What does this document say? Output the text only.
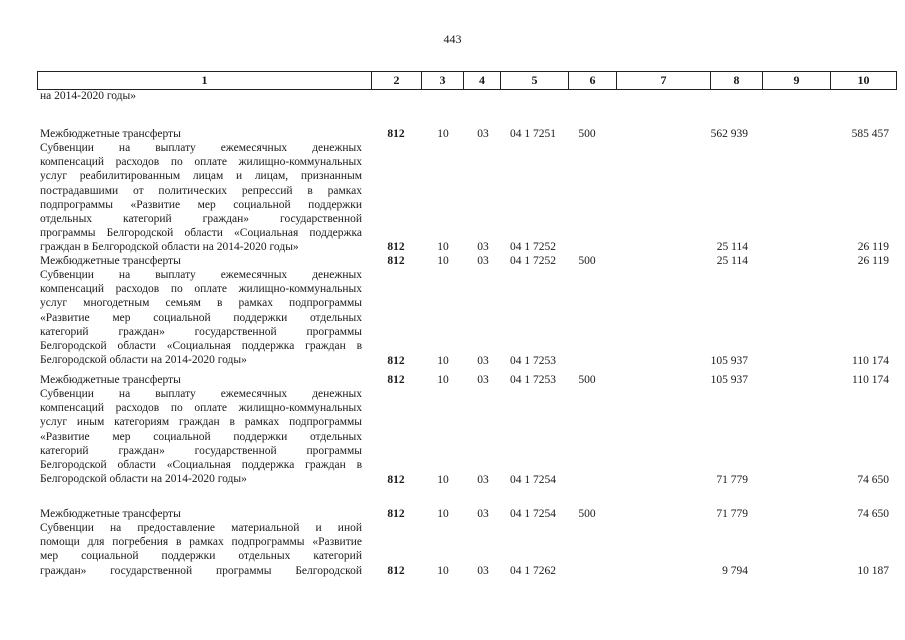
443
1	2	3	4	5	6	7	8	9	10
на 2014-2020 годы»
Межбюджетные трансферты	812	10	03	04 1 7251	500	562 939	585 457
Субвенции на выплату ежемесячных денежных
компенсаций расходов по оплате жилищно-коммунальных
услуг реабилитированным лицам и лицам, признанным
пострадавшими от политических репрессий в рамках
подпрограммы «Развитие мер социальной поддержки
отдельных категорий граждан» государственной
программы Белгородской области «Социальная поддержка
граждан в Белгородской области на 2014-2020 годы»	812	10	03	04 1 7252	25 114	26 119
Межбюджетные трансферты	812	10	03	04 1 7252	500	25 114	26 119
Субвенции на выплату ежемесячных денежных
компенсаций расходов по оплате жилищно-коммунальных
услуг многодетным семьям в рамках подпрограммы
«Развитие мер социальной поддержки отдельных
категорий граждан» государственной программы
Белгородской области «Социальная поддержка граждан в
Белгородской области на 2014-2020 годы»	812	10	03	04 1 7253	105 937	110 174
Межбюджетные трансферты	812	10	03	04 1 7253	500	105 937	110 174
Субвенции на выплату ежемесячных денежных
компенсаций расходов по оплате жилищно-коммунальных
услуг иным категориям граждан в рамках подпрограммы
«Развитие мер социальной поддержки отдельных
категорий граждан» государственной программы
Белгородской области «Социальная поддержка граждан в
Белгородской области на 2014-2020 годы»	812	10	03	04 1 7254	71 779	74 650
Межбюджетные трансферты	812	10	03	04 1 7254	500	71 779	74 650
Субвенции на предоставление материальной и иной
помощи для погребения в рамках подпрограммы «Развитие
мер социальной поддержки отдельных категорий
граждан» государственной программы Белгородской	812	10	03	04 1 7262	9 794	10 187
